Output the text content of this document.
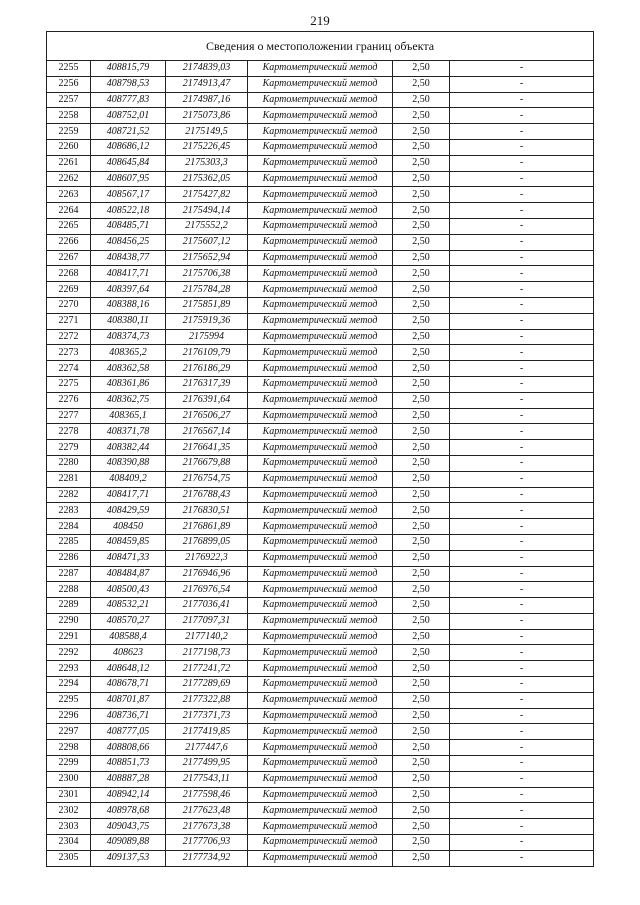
219
Сведения о местоположении границ объекта					
2255	408815,79	2174839,03	Картометрический метод	2,50	-
2256	408798,53	2174913,47	Картометрический метод	2,50	-
2257	408777,83	2174987,16	Картометрический метод	2,50	-
2258	408752,01	2175073,86	Картометрический метод	2,50	-
2259	408721,52	2175149,5	Картометрический метод	2,50	-
2260	408686,12	2175226,45	Картометрический метод	2,50	-
2261	408645,84	2175303,3	Картометрический метод	2,50	-
2262	408607,95	2175362,05	Картометрический метод	2,50	-
2263	408567,17	2175427,82	Картометрический метод	2,50	-
2264	408522,18	2175494,14	Картометрический метод	2,50	-
2265	408485,71	2175552,2	Картометрический метод	2,50	-
2266	408456,25	2175607,12	Картометрический метод	2,50	-
2267	408438,77	2175652,94	Картометрический метод	2,50	-
2268	408417,71	2175706,38	Картометрический метод	2,50	-
2269	408397,64	2175784,28	Картометрический метод	2,50	-
2270	408388,16	2175851,89	Картометрический метод	2,50	-
2271	408380,11	2175919,36	Картометрический метод	2,50	-
2272	408374,73	2175994	Картометрический метод	2,50	-
2273	408365,2	2176109,79	Картометрический метод	2,50	-
2274	408362,58	2176186,29	Картометрический метод	2,50	-
2275	408361,86	2176317,39	Картометрический метод	2,50	-
2276	408362,75	2176391,64	Картометрический метод	2,50	-
2277	408365,1	2176506,27	Картометрический метод	2,50	-
2278	408371,78	2176567,14	Картометрический метод	2,50	-
2279	408382,44	2176641,35	Картометрический метод	2,50	-
2280	408390,88	2176679,88	Картометрический метод	2,50	-
2281	408409,2	2176754,75	Картометрический метод	2,50	-
2282	408417,71	2176788,43	Картометрический метод	2,50	-
2283	408429,59	2176830,51	Картометрический метод	2,50	-
2284	408450	2176861,89	Картометрический метод	2,50	-
2285	408459,85	2176899,05	Картометрический метод	2,50	-
2286	408471,33	2176922,3	Картометрический метод	2,50	-
2287	408484,87	2176946,96	Картометрический метод	2,50	-
2288	408500,43	2176976,54	Картометрический метод	2,50	-
2289	408532,21	2177036,41	Картометрический метод	2,50	-
2290	408570,27	2177097,31	Картометрический метод	2,50	-
2291	408588,4	2177140,2	Картометрический метод	2,50	-
2292	408623	2177198,73	Картометрический метод	2,50	-
2293	408648,12	2177241,72	Картометрический метод	2,50	-
2294	408678,71	2177289,69	Картометрический метод	2,50	-
2295	408701,87	2177322,88	Картометрический метод	2,50	-
2296	408736,71	2177371,73	Картометрический метод	2,50	-
2297	408777,05	2177419,85	Картометрический метод	2,50	-
2298	408808,66	2177447,6	Картометрический метод	2,50	-
2299	408851,73	2177499,95	Картометрический метод	2,50	-
2300	408887,28	2177543,11	Картометрический метод	2,50	-
2301	408942,14	2177598,46	Картометрический метод	2,50	-
2302	408978,68	2177623,48	Картометрический метод	2,50	-
2303	409043,75	2177673,38	Картометрический метод	2,50	-
2304	409089,88	2177706,93	Картометрический метод	2,50	-
2305	409137,53	2177734,92	Картометрический метод	2,50	-
